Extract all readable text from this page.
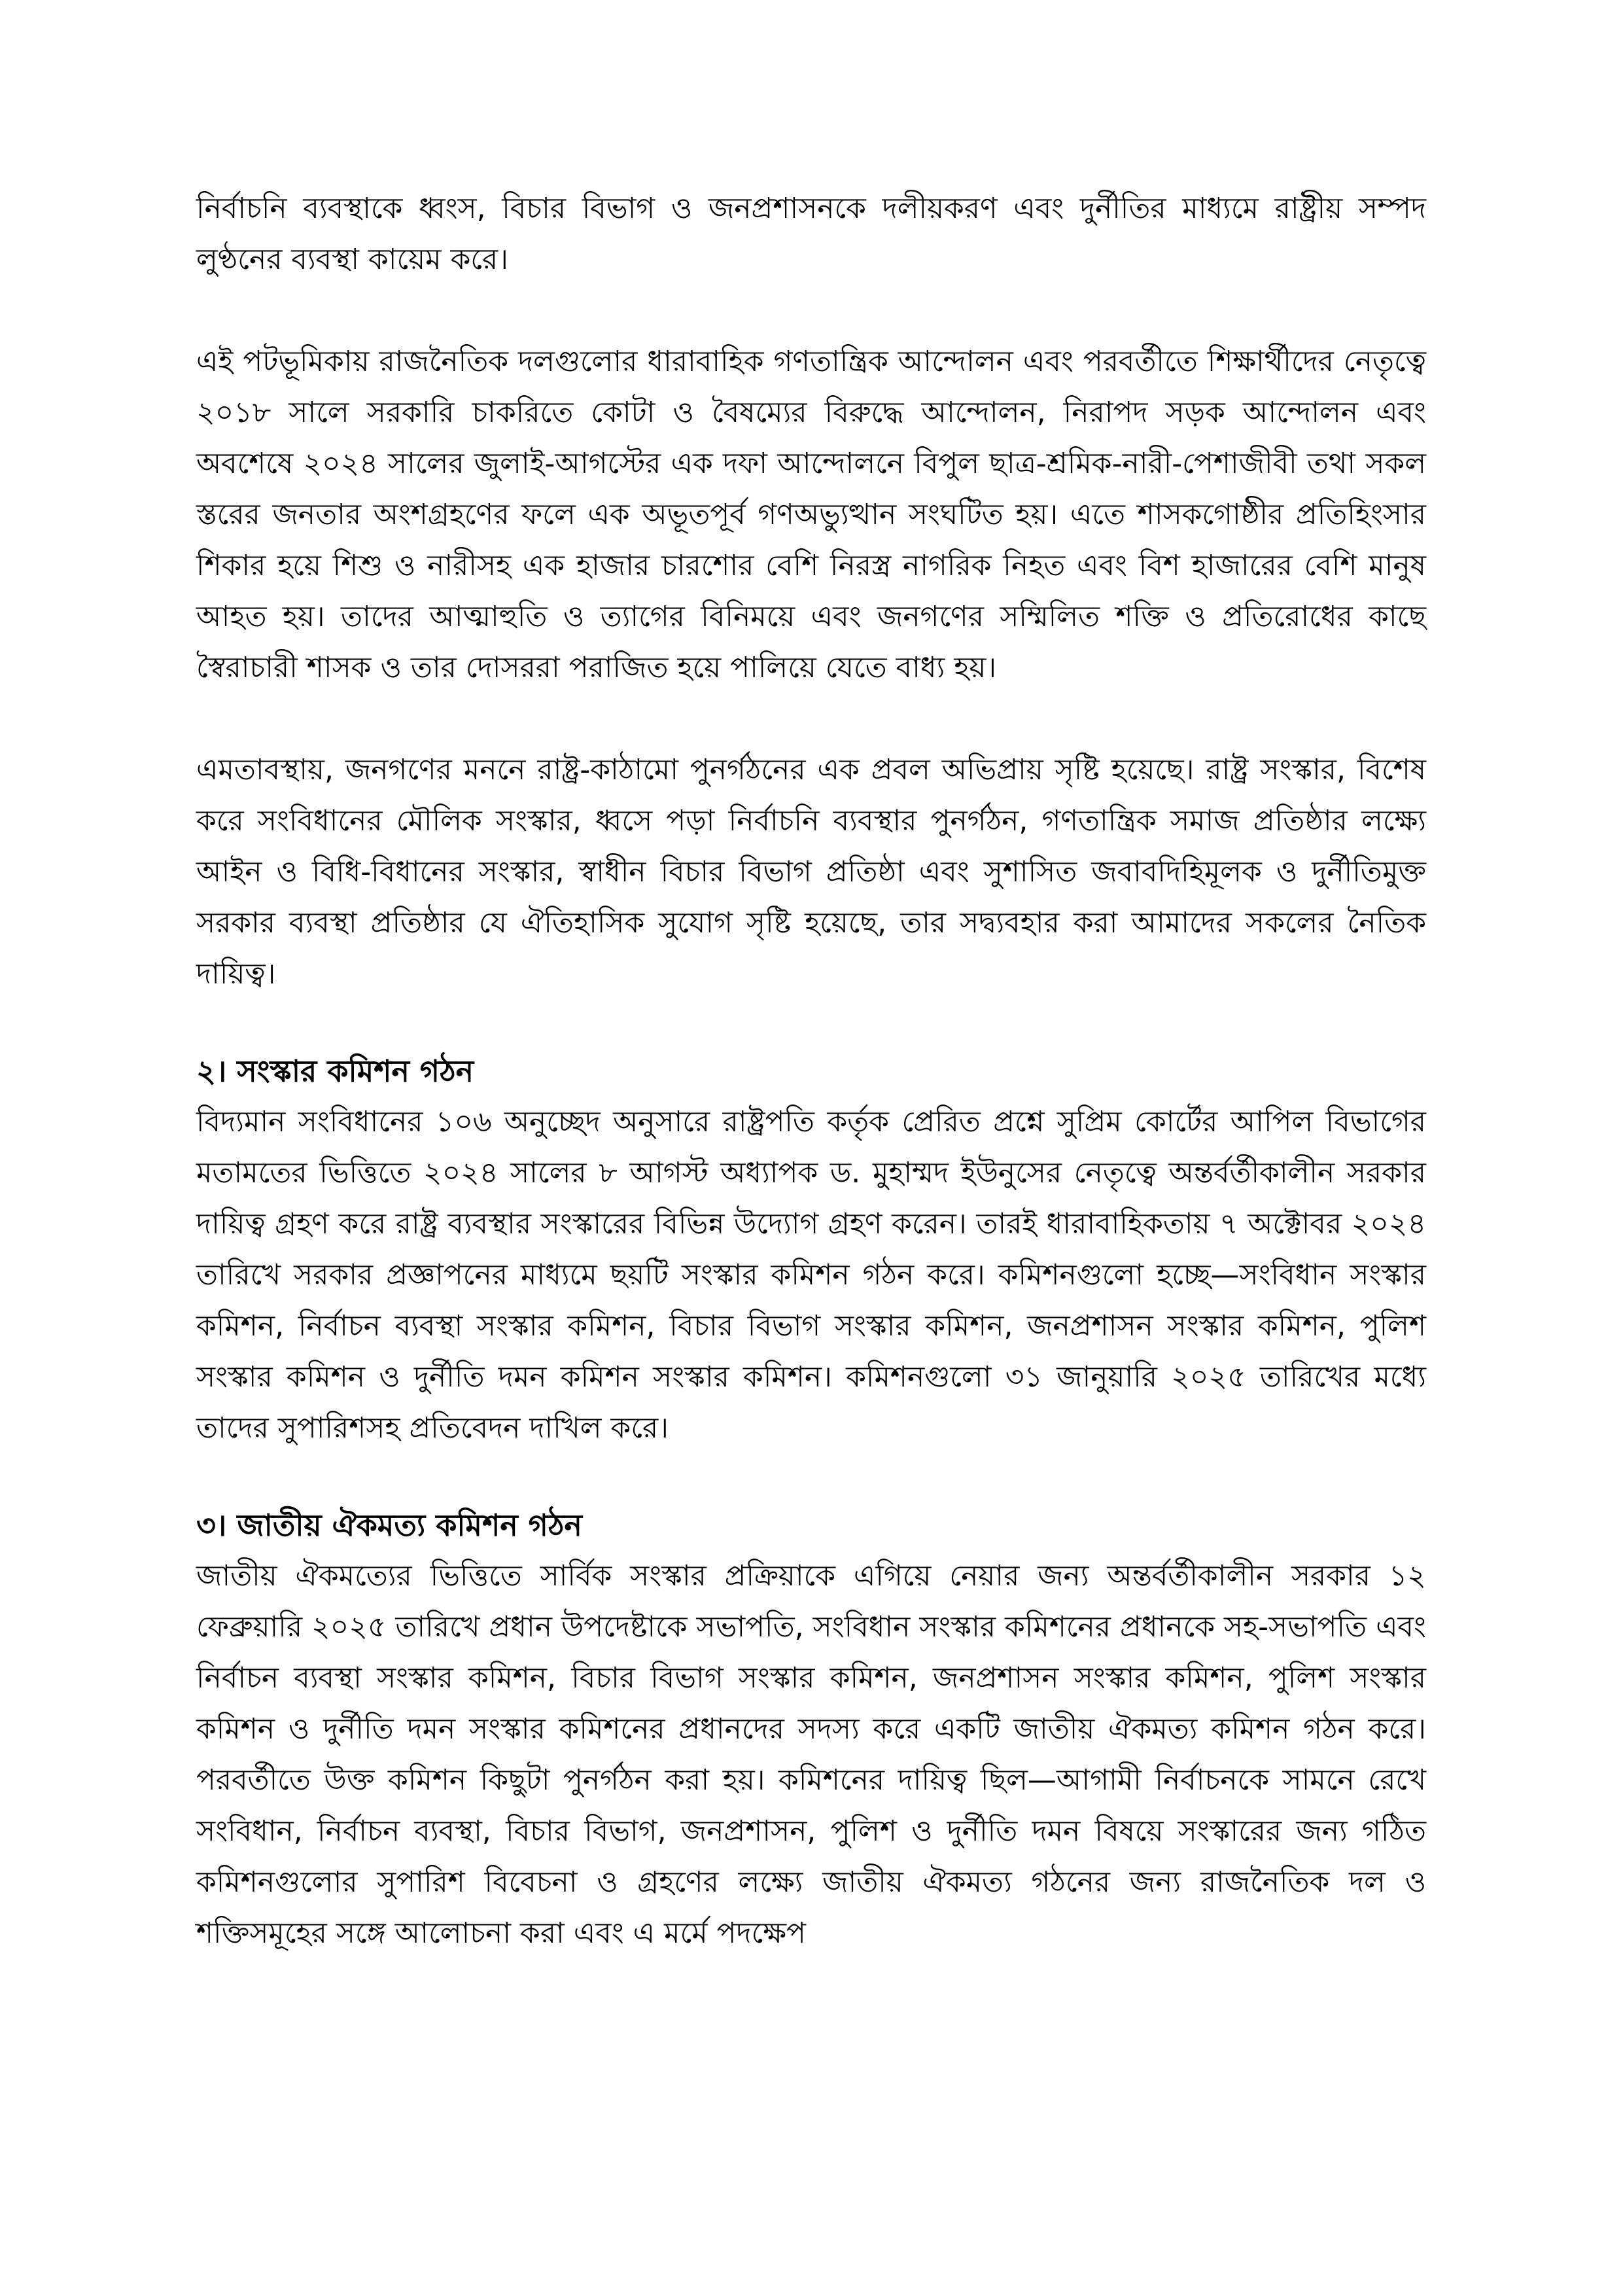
নির্বাচনি ব্যবস্থাকে ধ্বংস, বিচার বিভাগ ও জনপ্রশাসনকে দলীয়করণ এবং দুর্নীতির মাধ্যমে রাষ্ট্রীয় সম্পদ লুণ্ঠনের ব্যবস্থা কায়েম করে।

এই পটভূমিকায় রাজনৈতিক দলগুলোর ধারাবাহিক গণতান্ত্রিক আন্দোলন এবং পরবর্তীতে শিক্ষার্থীদের নেতৃত্বে ২০১৮ সালে সরকারি চাকরিতে কোটা ও বৈষম্যের বিরুদ্ধে আন্দোলন, নিরাপদ সড়ক আন্দোলন এবং অবশেষে ২০২৪ সালের জুলাই-আগস্টের এক দফা আন্দোলনে বিপুল ছাত্র-শ্রমিক-নারী-পেশাজীবী তথা সকল স্তরের জনতার অংশগ্রহণের ফলে এক অভূতপূর্ব গণঅভ্যুত্থান সংঘটিত হয়। এতে শাসকগোষ্ঠীর প্রতিহিংসার শিকার হয়ে শিশু ও নারীসহ এক হাজার চারশোর বেশি নিরস্ত্র নাগরিক নিহত এবং বিশ হাজারের বেশি মানুষ আহত হয়। তাদের আত্মাহুতি ও ত্যাগের বিনিময়ে এবং জনগণের সম্মিলিত শক্তি ও প্রতিরোধের কাছে স্বৈরাচারী শাসক ও তার দোসররা পরাজিত হয়ে পালিয়ে যেতে বাধ্য হয়।

এমতাবস্থায়, জনগণের মননে রাষ্ট্র-কাঠামো পুনর্গঠনের এক প্রবল অভিপ্রায় সৃষ্টি হয়েছে। রাষ্ট্র সংস্কার, বিশেষ করে সংবিধানের মৌলিক সংস্কার, ধ্বসে পড়া নির্বাচনি ব্যবস্থার পুনর্গঠন, গণতান্ত্রিক সমাজ প্রতিষ্ঠার লক্ষ্যে আইন ও বিধি-বিধানের সংস্কার, স্বাধীন বিচার বিভাগ প্রতিষ্ঠা এবং সুশাসিত জবাবদিহিমূলক ও দুর্নীতিমুক্ত সরকার ব্যবস্থা প্রতিষ্ঠার যে ঐতিহাসিক সুযোগ সৃষ্টি হয়েছে, তার সদ্ব্যবহার করা আমাদের সকলের নৈতিক দায়িত্ব।

২। সংস্কার কমিশন গঠন

বিদ্যমান সংবিধানের ১০৬ অনুচ্ছেদ অনুসারে রাষ্ট্রপতি কর্তৃক প্রেরিত প্রশ্নে সুপ্রিম কোর্টের আপিল বিভাগের মতামতের ভিত্তিতে ২০২৪ সালের ৮ আগস্ট অধ্যাপক ড. মুহাম্মদ ইউনুসের নেতৃত্বে অন্তর্বর্তীকালীন সরকার দায়িত্ব গ্রহণ করে রাষ্ট্র ব্যবস্থার সংস্কারের বিভিন্ন উদ্যোগ গ্রহণ করেন। তারই ধারাবাহিকতায় ৭ অক্টোবর ২০২৪ তারিখে সরকার প্রজ্ঞাপনের মাধ্যমে ছয়টি সংস্কার কমিশন গঠন করে। কমিশনগুলো হচ্ছে—সংবিধান সংস্কার কমিশন, নির্বাচন ব্যবস্থা সংস্কার কমিশন, বিচার বিভাগ সংস্কার কমিশন, জনপ্রশাসন সংস্কার কমিশন, পুলিশ সংস্কার কমিশন ও দুর্নীতি দমন কমিশন সংস্কার কমিশন। কমিশনগুলো ৩১ জানুয়ারি ২০২৫ তারিখের মধ্যে তাদের সুপারিশসহ প্রতিবেদন দাখিল করে।

৩। জাতীয় ঐকমত্য কমিশন গঠন

জাতীয় ঐকমত্যের ভিত্তিতে সার্বিক সংস্কার প্রক্রিয়াকে এগিয়ে নেয়ার জন্য অন্তর্বর্তীকালীন সরকার ১২ ফেব্রুয়ারি ২০২৫ তারিখে প্রধান উপদেষ্টাকে সভাপতি, সংবিধান সংস্কার কমিশনের প্রধানকে সহ-সভাপতি এবং নির্বাচন ব্যবস্থা সংস্কার কমিশন, বিচার বিভাগ সংস্কার কমিশন, জনপ্রশাসন সংস্কার কমিশন, পুলিশ সংস্কার কমিশন ও দুর্নীতি দমন সংস্কার কমিশনের প্রধানদের সদস্য করে একটি জাতীয় ঐকমত্য কমিশন গঠন করে। পরবর্তীতে উক্ত কমিশন কিছুটা পুনর্গঠন করা হয়। কমিশনের দায়িত্ব ছিল—আগামী নির্বাচনকে সামনে রেখে সংবিধান, নির্বাচন ব্যবস্থা, বিচার বিভাগ, জনপ্রশাসন, পুলিশ ও দুর্নীতি দমন বিষয়ে সংস্কারের জন্য গঠিত কমিশনগুলোর সুপারিশ বিবেচনা ও গ্রহণের লক্ষ্যে জাতীয় ঐকমত্য গঠনের জন্য রাজনৈতিক দল ও শক্তিসমূহের সঙ্গে আলোচনা করা এবং এ মর্মে পদক্ষেপ
